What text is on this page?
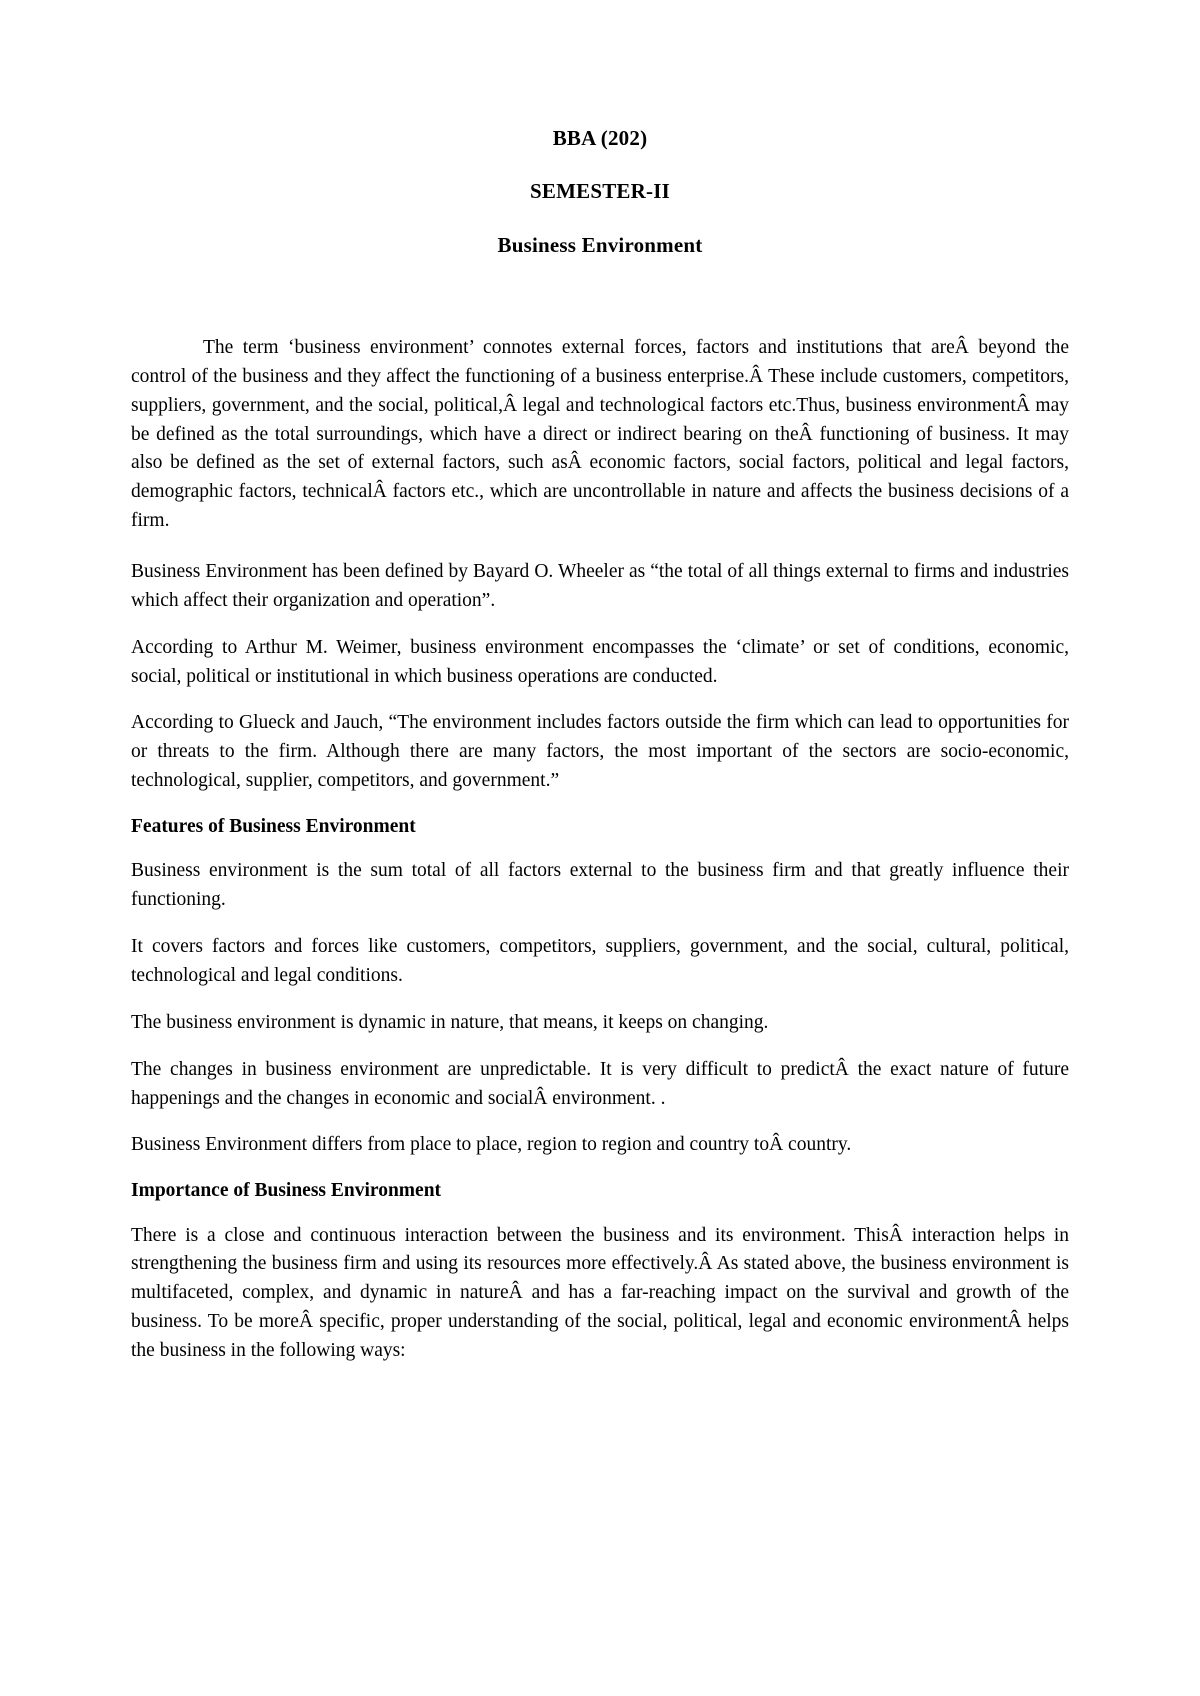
BBA (202)
SEMESTER-II
Business Environment

The term ‘business environment’ connotes external forces, factors and institutions that areÂ beyond the control of the business and they affect the functioning of a business enterprise.Â These include customers, competitors, suppliers, government, and the social, political,Â legal and technological factors etc.Thus, business environmentÂ may be defined as the total surroundings, which have a direct or indirect bearing on theÂ functioning of business. It may also be defined as the set of external factors, such asÂ economic factors, social factors, political and legal factors, demographic factors, technicalÂ factors etc., which are uncontrollable in nature and affects the business decisions of a firm.

Business Environment has been defined by Bayard O. Wheeler as “the total of all things external to firms and industries which affect their organization and operation”.

According to Arthur M. Weimer, business environment encompasses the ‘climate’ or set of conditions, economic, social, political or institutional in which business operations are conducted.

According to Glueck and Jauch, “The environment includes factors outside the firm which can lead to opportunities for or threats to the firm. Although there are many factors, the most important of the sectors are socio-economic, technological, supplier, competitors, and government.”

Features of Business Environment

Business environment is the sum total of all factors external to the business firm and that greatly influence their functioning.

It covers factors and forces like customers, competitors, suppliers, government, and the social, cultural, political, technological and legal conditions.

The business environment is dynamic in nature, that means, it keeps on changing.

The changes in business environment are unpredictable. It is very difficult to predictÂ the exact nature of future happenings and the changes in economic and socialÂ environment. .

Business Environment differs from place to place, region to region and country toÂ country.

Importance of Business Environment

There is a close and continuous interaction between the business and its environment. ThisÂ interaction helps in strengthening the business firm and using its resources more effectively.Â As stated above, the business environment is multifaceted, complex, and dynamic in natureÂ and has a far-reaching impact on the survival and growth of the business. To be moreÂ specific, proper understanding of the social, political, legal and economic environmentÂ helps the business in the following ways:
